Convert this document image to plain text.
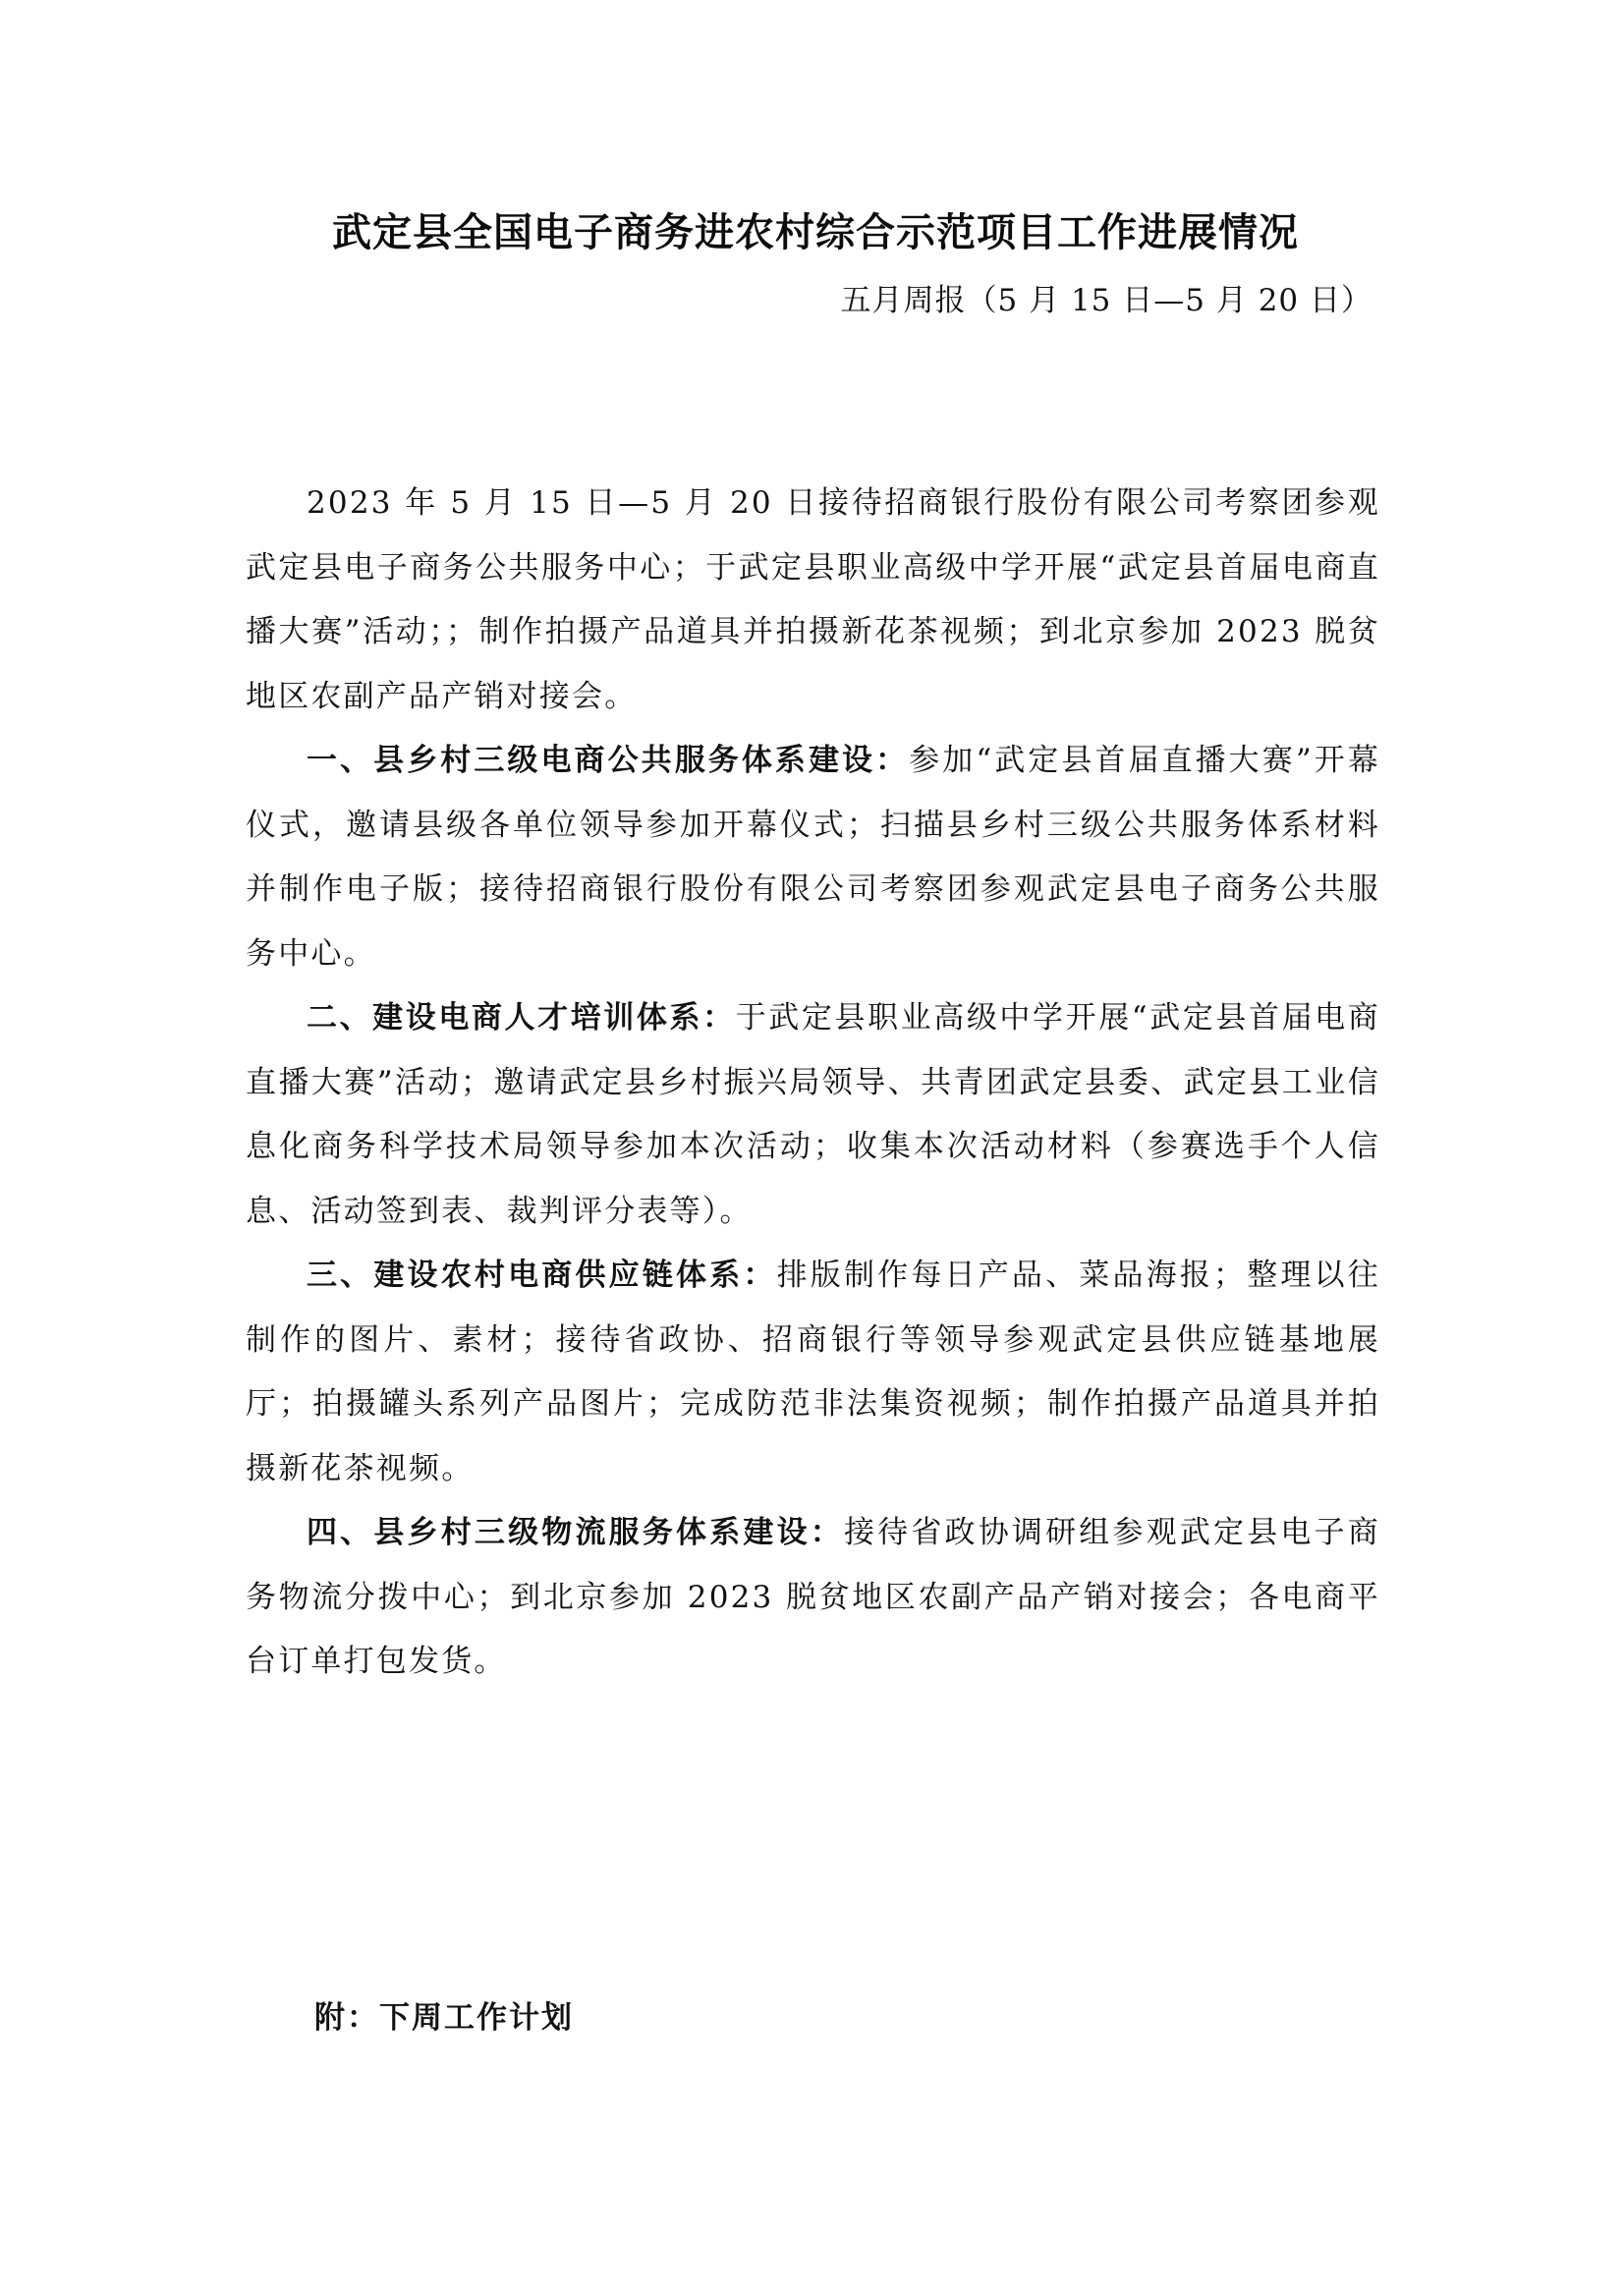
武定县全国电子商务进农村综合示范项目工作进展情况
五月周报（5 月 15 日—5 月 20 日）

2023 年 5 月 15 日—5 月 20 日接待招商银行股份有限公司考察团参观武定县电子商务公共服务中心；于武定县职业高级中学开展“武定县首届电商直播大赛”活动；；制作拍摄产品道具并拍摄新花茶视频；到北京参加 2023 脱贫地区农副产品产销对接会。

一、县乡村三级电商公共服务体系建设：参加“武定县首届直播大赛”开幕仪式，邀请县级各单位领导参加开幕仪式；扫描县乡村三级公共服务体系材料并制作电子版；接待招商银行股份有限公司考察团参观武定县电子商务公共服务中心。

二、建设电商人才培训体系：于武定县职业高级中学开展“武定县首届电商直播大赛”活动；邀请武定县乡村振兴局领导、共青团武定县委、武定县工业信息化商务科学技术局领导参加本次活动；收集本次活动材料（参赛选手个人信息、活动签到表、裁判评分表等）。

三、建设农村电商供应链体系：排版制作每日产品、菜品海报；整理以往制作的图片、素材；接待省政协、招商银行等领导参观武定县供应链基地展厅；拍摄罐头系列产品图片；完成防范非法集资视频；制作拍摄产品道具并拍摄新花茶视频。

四、县乡村三级物流服务体系建设：接待省政协调研组参观武定县电子商务物流分拨中心；到北京参加 2023 脱贫地区农副产品产销对接会；各电商平台订单打包发货。

附：下周工作计划
